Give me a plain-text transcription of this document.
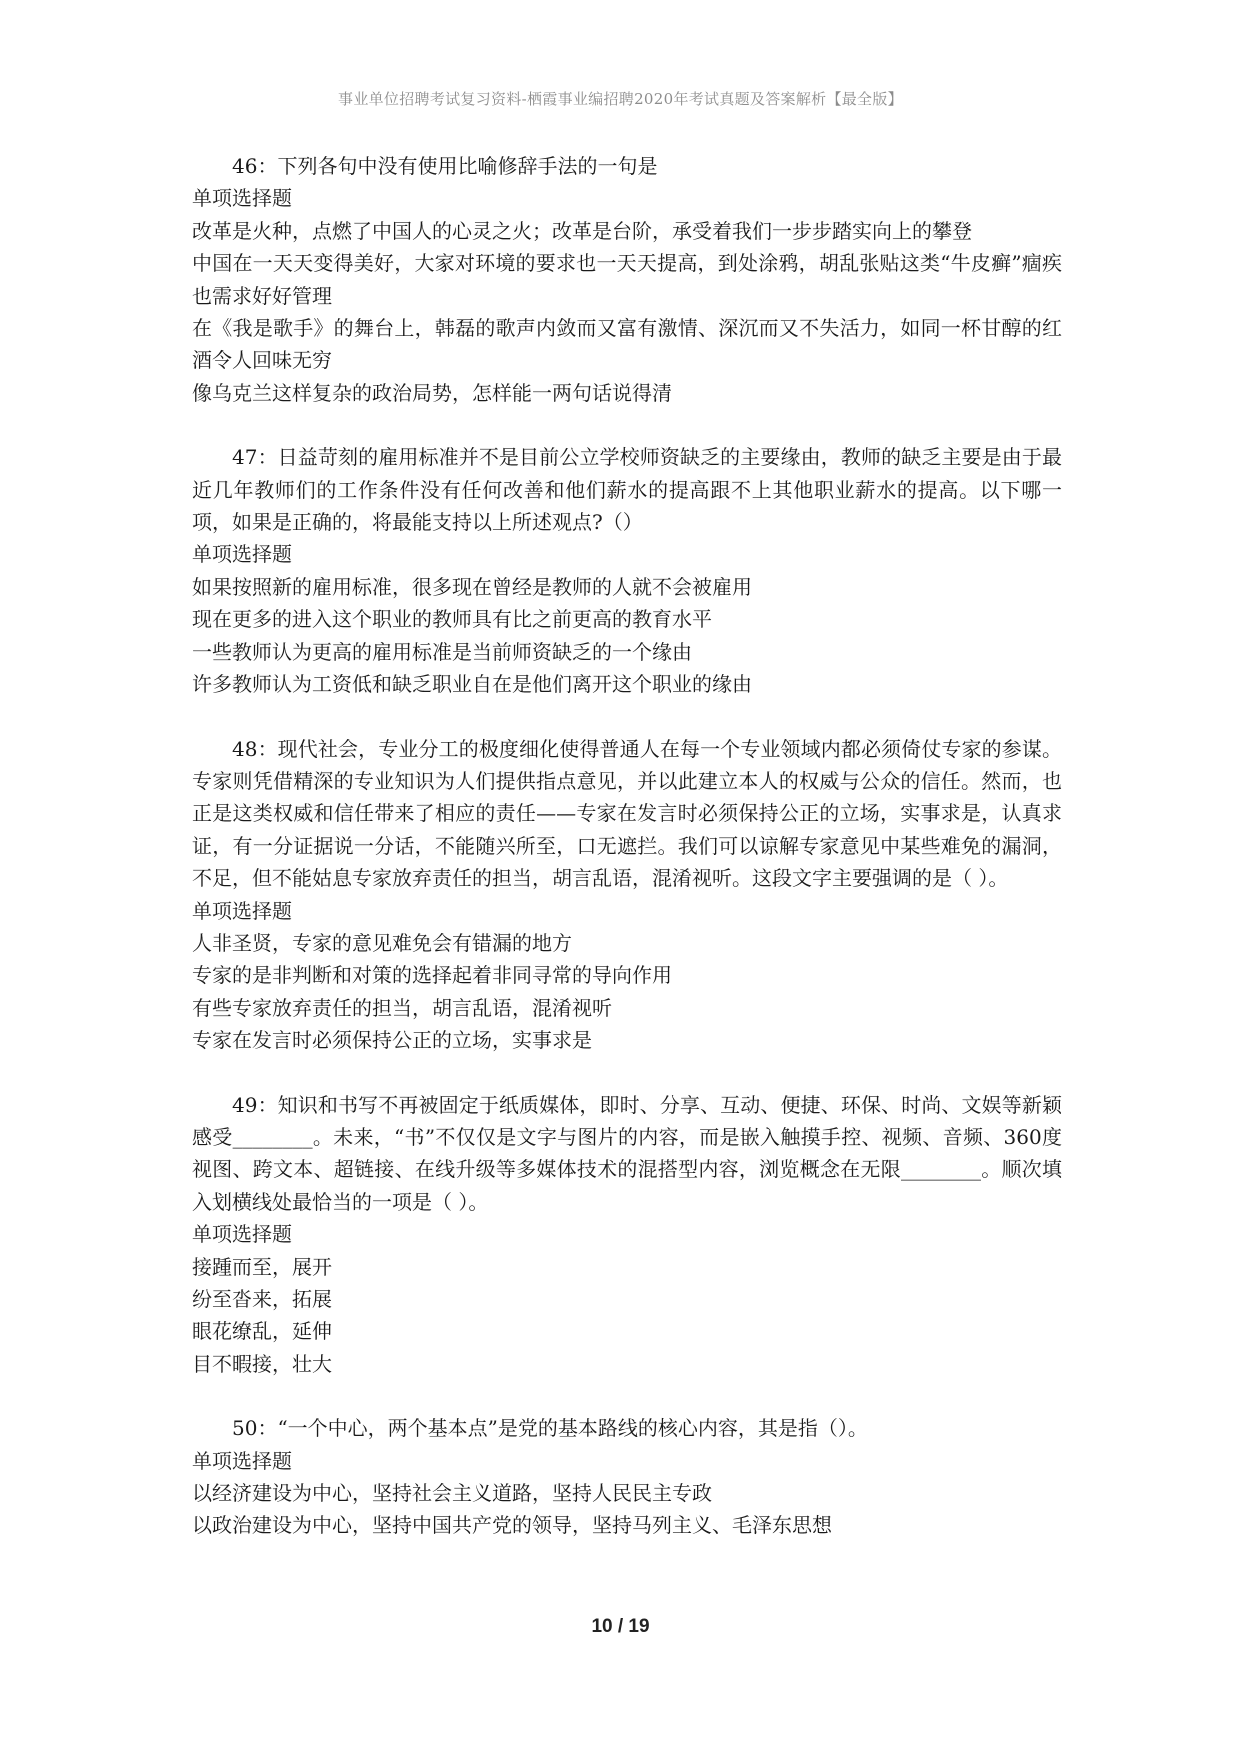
事业单位招聘考试复习资料-栖霞事业编招聘2020年考试真题及答案解析【最全版】

46：下列各句中没有使用比喻修辞手法的一句是

单项选择题

改革是火种，点燃了中国人的心灵之火；改革是台阶，承受着我们一步步踏实向上的攀登

中国在一天天变得美好，大家对环境的要求也一天天提高，到处涂鸦，胡乱张贴这类“牛皮癣”痼疾也需求好好管理

在《我是歌手》的舞台上，韩磊的歌声内敛而又富有激情、深沉而又不失活力，如同一杯甘醇的红酒令人回味无穷

像乌克兰这样复杂的政治局势，怎样能一两句话说得清

47：日益苛刻的雇用标准并不是目前公立学校师资缺乏的主要缘由，教师的缺乏主要是由于最近几年教师们的工作条件没有任何改善和他们薪水的提高跟不上其他职业薪水的提高。以下哪一项，如果是正确的，将最能支持以上所述观点?（）

单项选择题

如果按照新的雇用标准，很多现在曾经是教师的人就不会被雇用

现在更多的进入这个职业的教师具有比之前更高的教育水平

一些教师认为更高的雇用标准是当前师资缺乏的一个缘由

许多教师认为工资低和缺乏职业自在是他们离开这个职业的缘由

48：现代社会，专业分工的极度细化使得普通人在每一个专业领域内都必须倚仗专家的参谋。专家则凭借精深的专业知识为人们提供指点意见，并以此建立本人的权威与公众的信任。然而，也正是这类权威和信任带来了相应的责任——专家在发言时必须保持公正的立场，实事求是，认真求证，有一分证据说一分话，不能随兴所至，口无遮拦。我们可以谅解专家意见中某些难免的漏洞，不足，但不能姑息专家放弃责任的担当，胡言乱语，混淆视听。这段文字主要强调的是（ ）。

单项选择题

人非圣贤，专家的意见难免会有错漏的地方

专家的是非判断和对策的选择起着非同寻常的导向作用

有些专家放弃责任的担当，胡言乱语，混淆视听

专家在发言时必须保持公正的立场，实事求是

49：知识和书写不再被固定于纸质媒体，即时、分享、互动、便捷、环保、时尚、文娱等新颖感受________。未来，“书”不仅仅是文字与图片的内容，而是嵌入触摸手控、视频、音频、360度视图、跨文本、超链接、在线升级等多媒体技术的混搭型内容，浏览概念在无限________。顺次填入划横线处最恰当的一项是（ ）。

单项选择题

接踵而至，展开

纷至沓来，拓展

眼花缭乱，延伸

目不暇接，壮大

50：“一个中心，两个基本点”是党的基本路线的核心内容，其是指（）。

单项选择题

以经济建设为中心，坚持社会主义道路，坚持人民民主专政

以政治建设为中心，坚持中国共产党的领导，坚持马列主义、毛泽东思想

10 / 19
